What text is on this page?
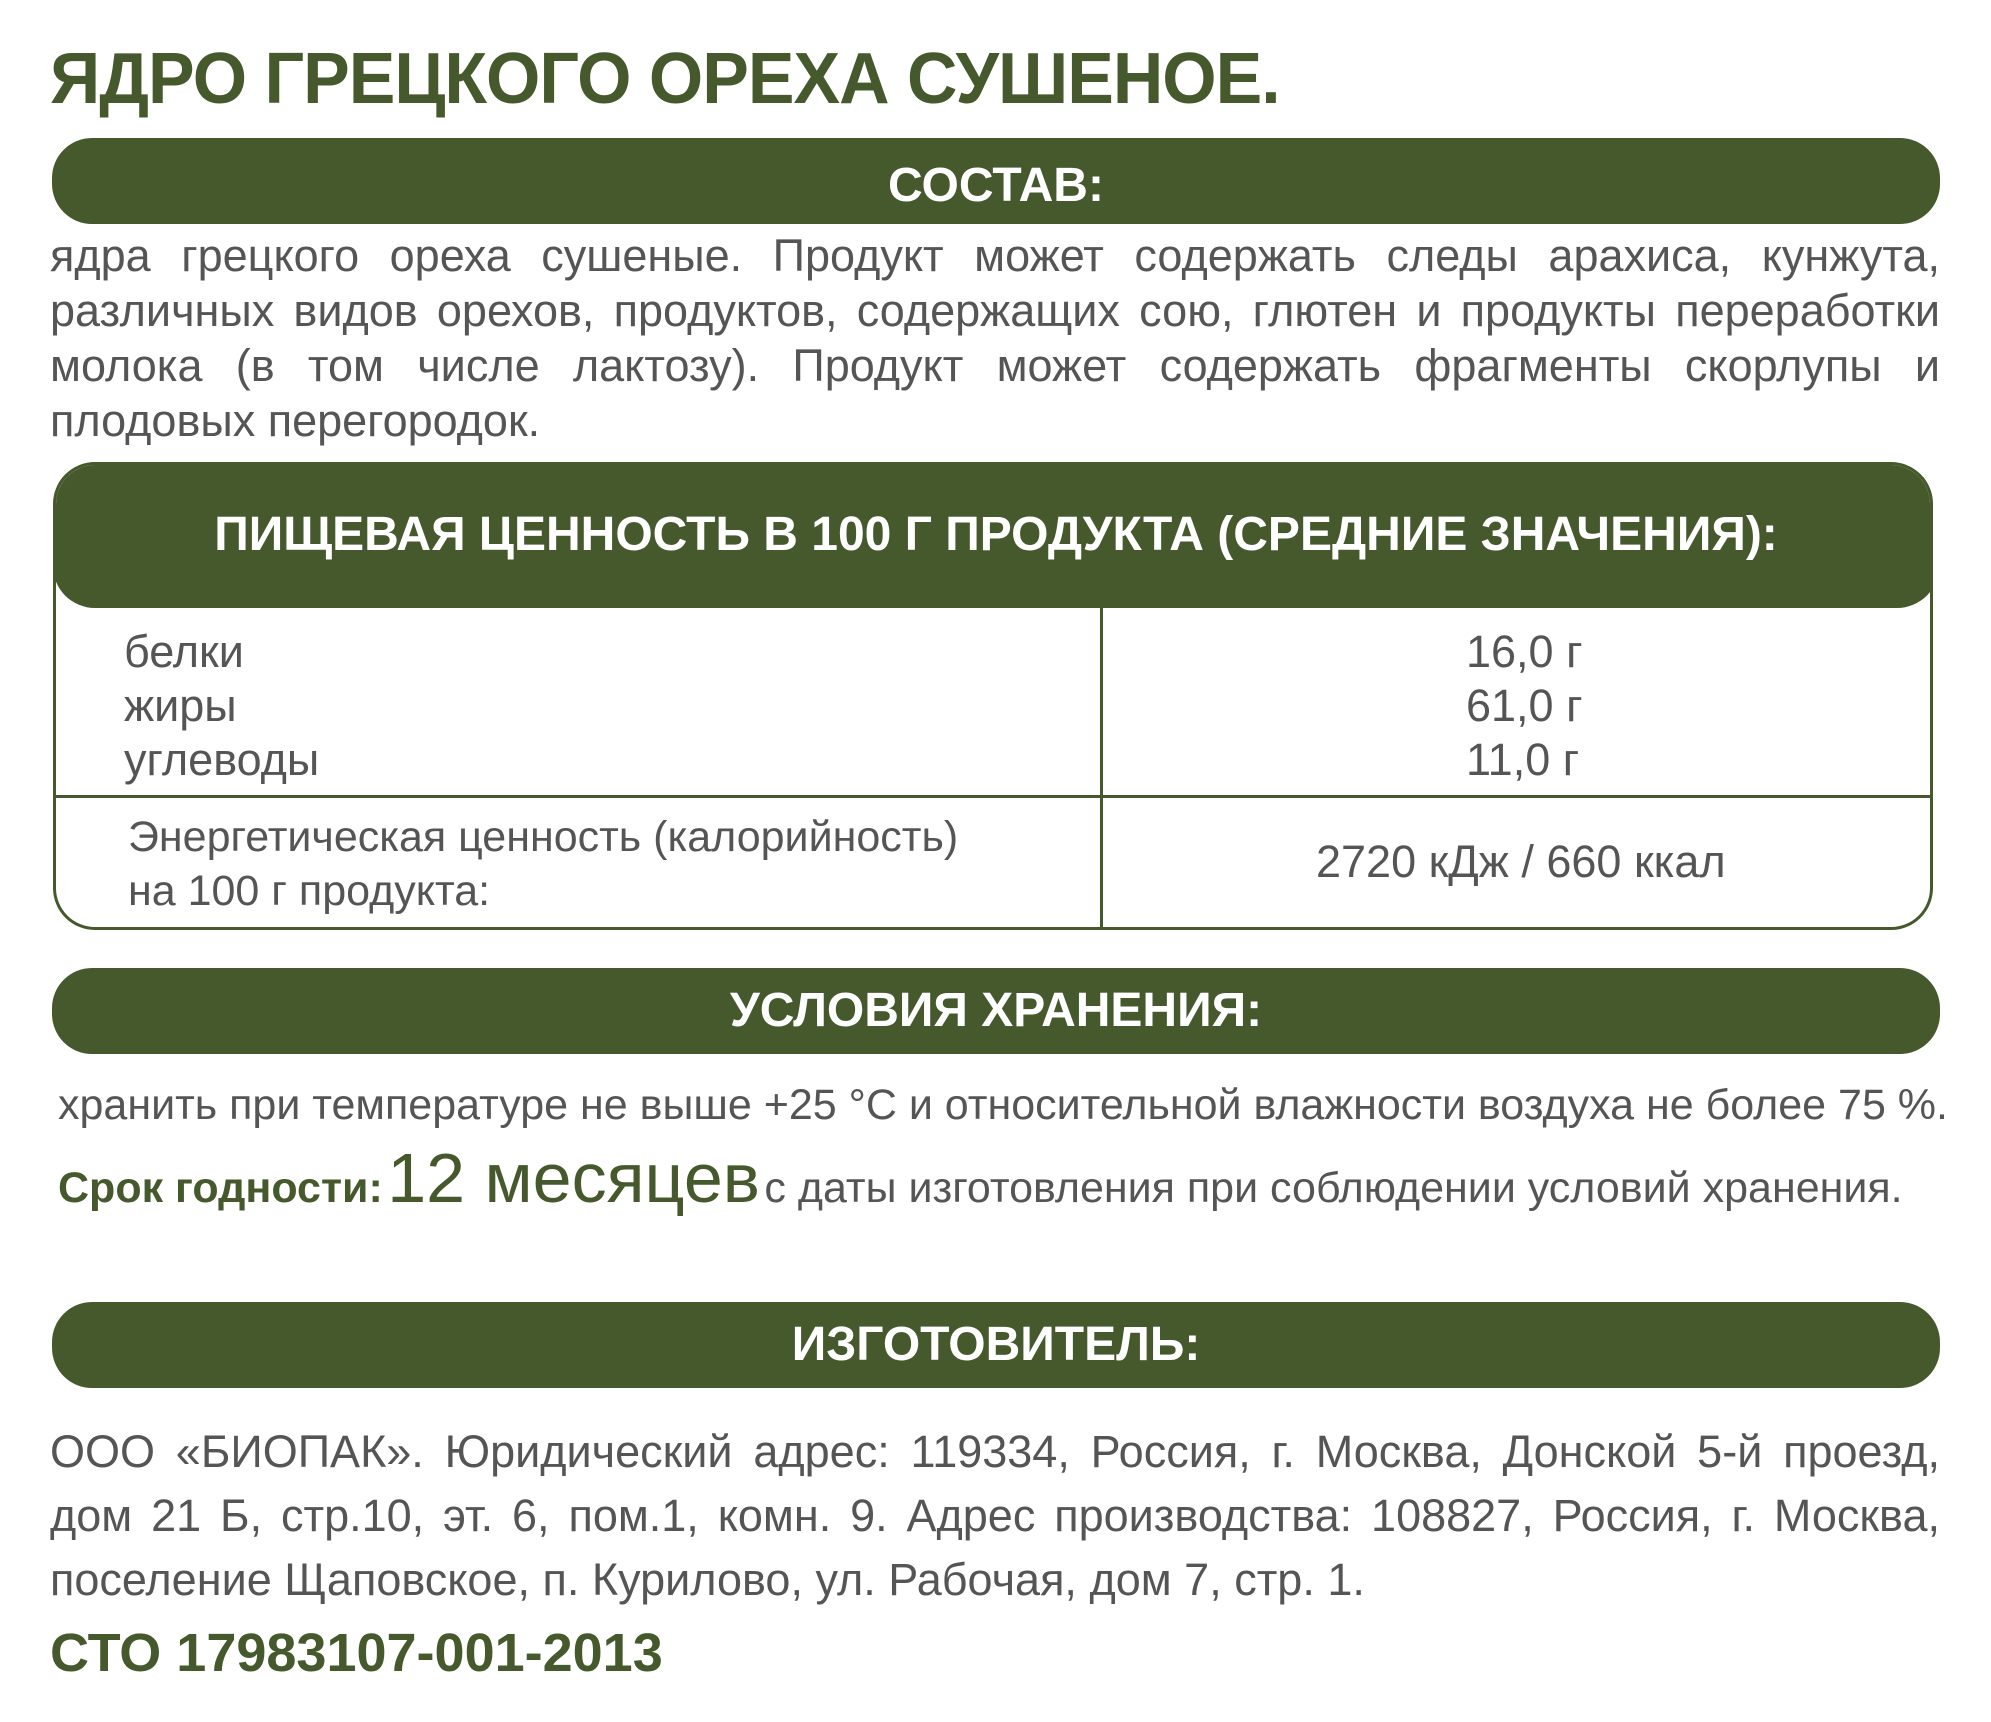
ЯДРО ГРЕЦКОГО ОРЕХА СУШЕНОЕ.
СОСТАВ:
ядра грецкого ореха сушеные. Продукт может содержать следы арахиса, кунжута, различных видов орехов, продуктов, содержащих сою, глютен и продукты переработки молока (в том числе лактозу). Продукт может содержать фрагменты скорлупы и плодовых перегородок.
ПИЩЕВАЯ ЦЕННОСТЬ В 100 Г ПРОДУКТА (СРЕДНИЕ ЗНАЧЕНИЯ):
белки
жиры
углеводы
16,0 г
61,0 г
11,0 г
Энергетическая ценность (калорийность)
на 100 г продукта:
2720 кДж / 660 ккал
УСЛОВИЯ ХРАНЕНИЯ:
хранить при температуре не выше +25 °С и относительной влажности воздуха не более 75 %.
Срок годности: 12 месяцев с даты изготовления при соблюдении условий хранения.
ИЗГОТОВИТЕЛЬ:
ООО «БИОПАК». Юридический адрес: 119334, Россия, г. Москва, Донской 5-й проезд, дом 21 Б, стр.10, эт. 6, пом.1, комн. 9. Адрес производства: 108827, Россия, г. Москва, поселение Щаповское, п. Курилово, ул. Рабочая, дом 7, стр. 1.
СТО 17983107-001-2013
